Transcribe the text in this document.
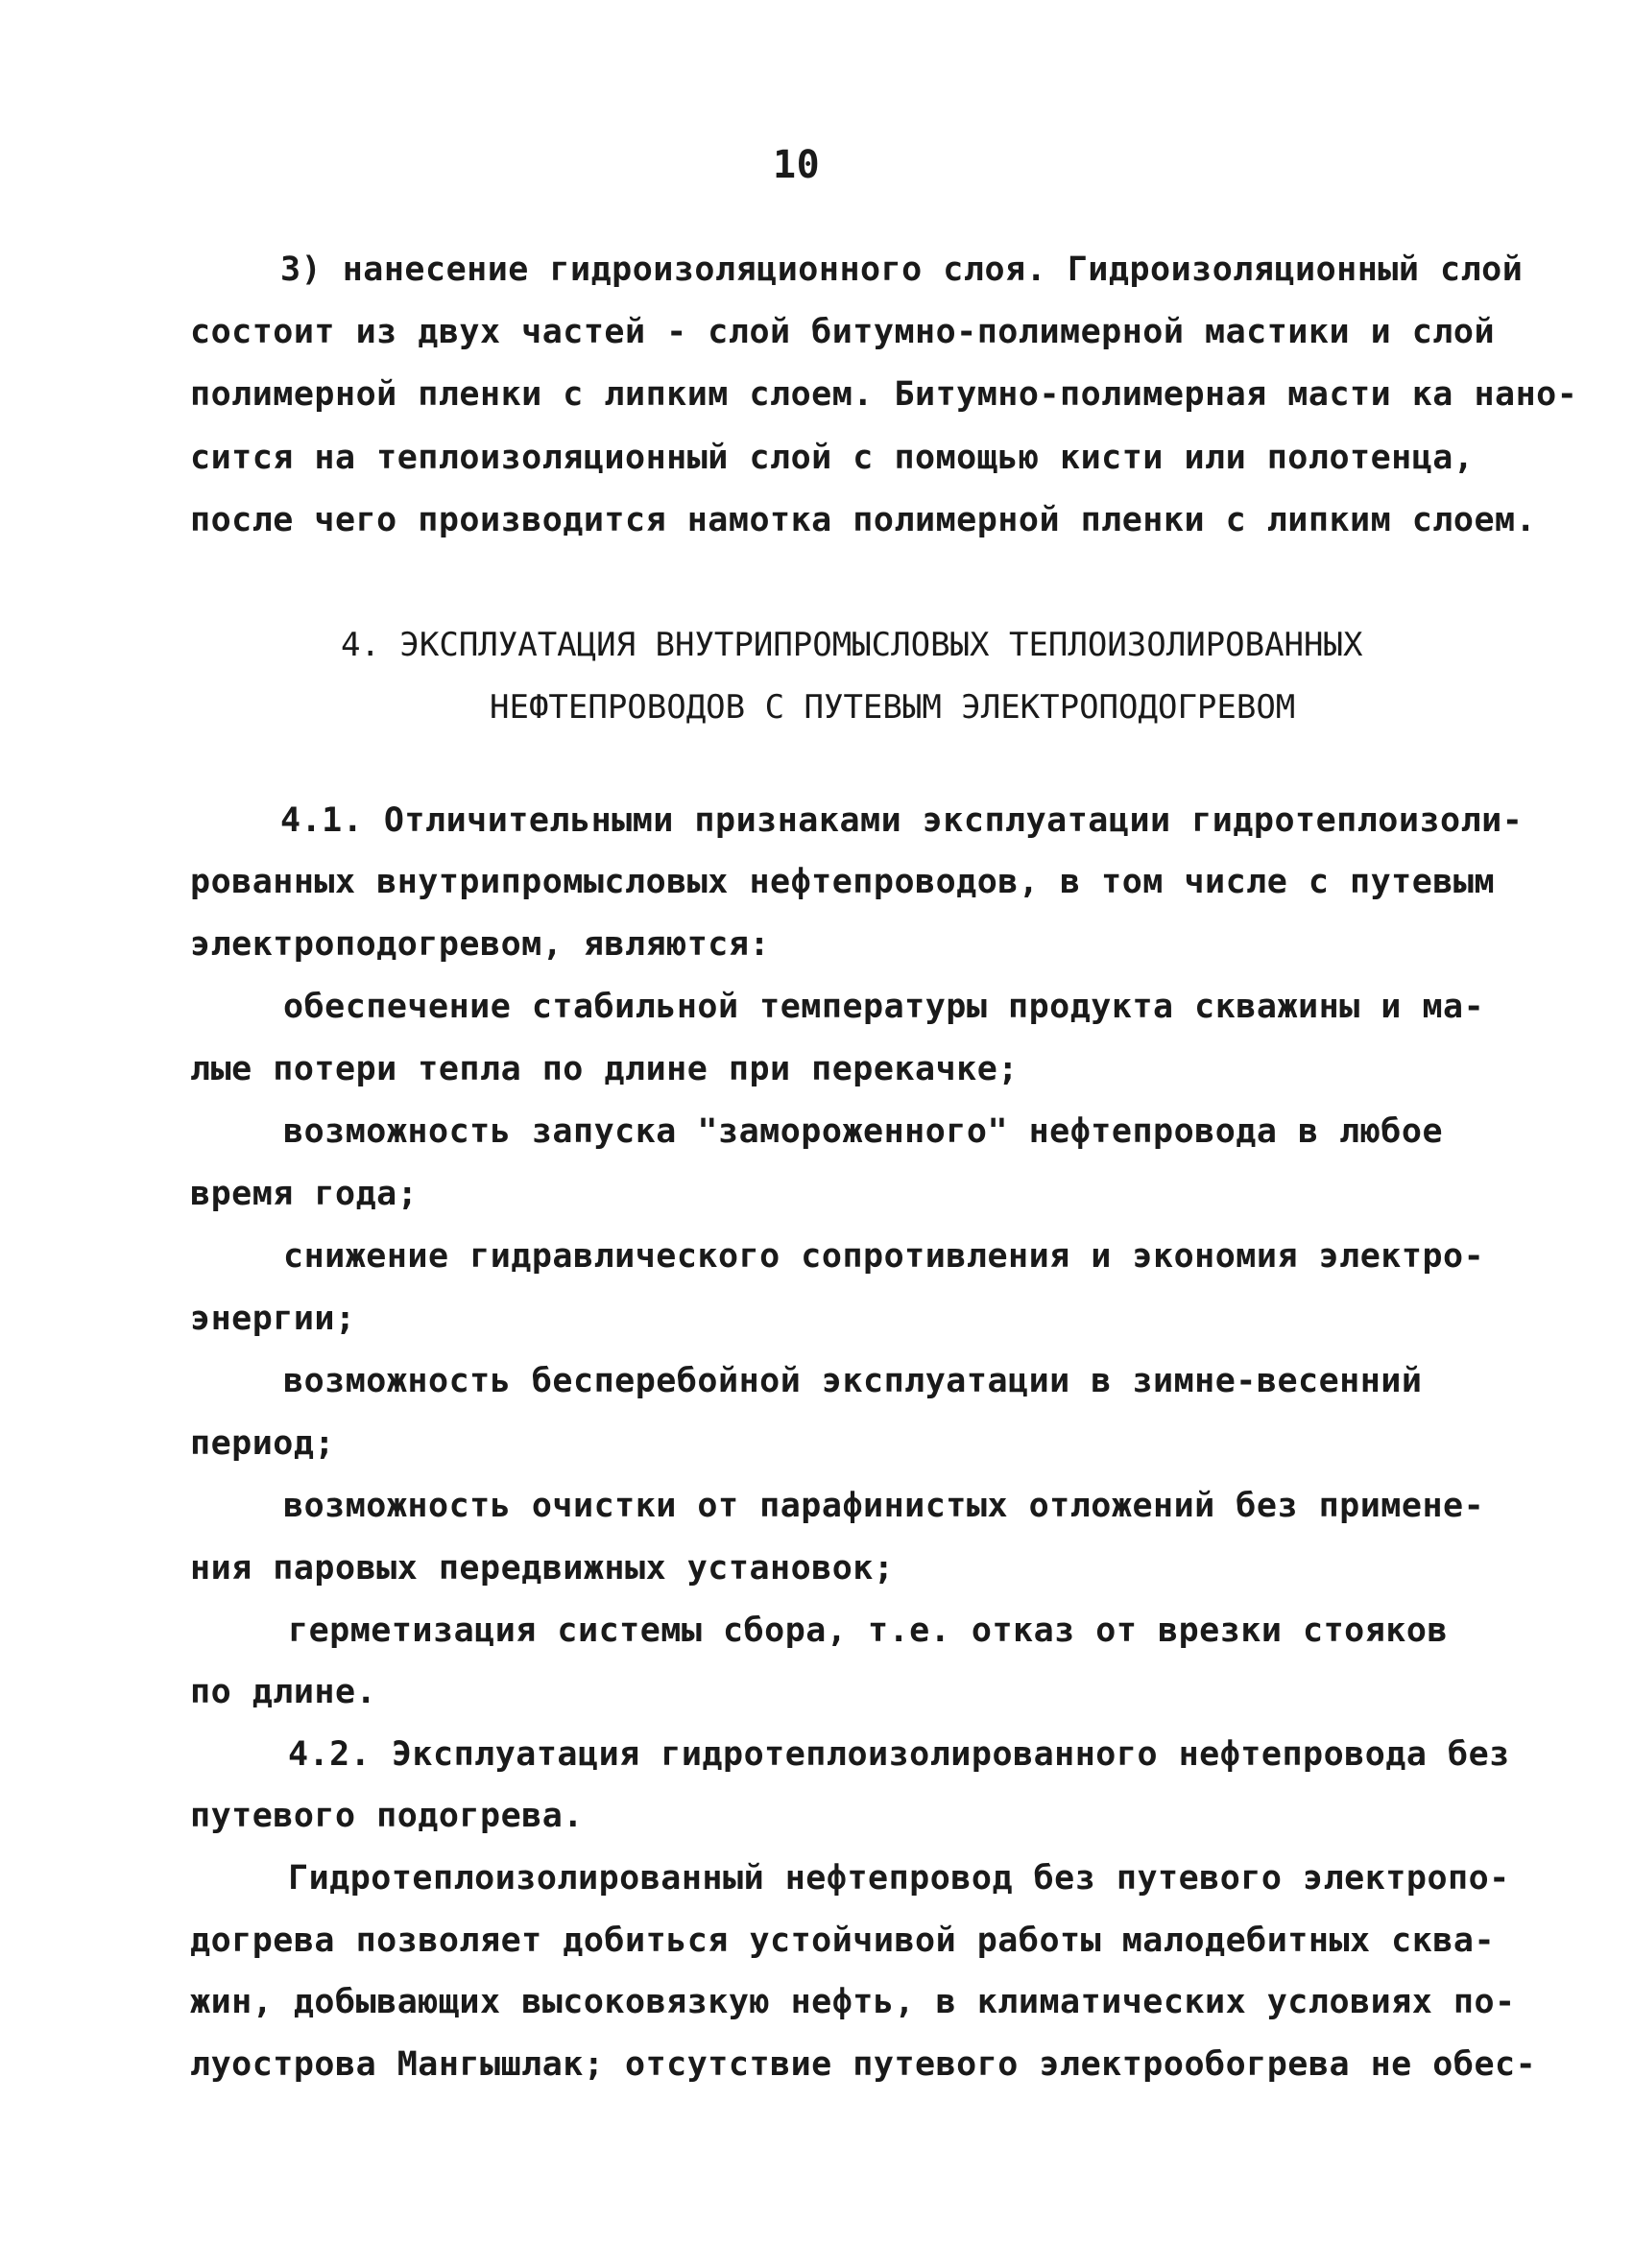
10
3) нанесение гидроизоляционного слоя. Гидроизоляционный слой
состоит из двух частей - слой битумно-полимерной мастики и слой
полимерной пленки с липким слоем. Битумно-полимерная масти ка нано-
сится на теплоизоляционный слой с помощью кисти или полотенца,
после чего производится намотка полимерной пленки с липким слоем.
4. ЭКСПЛУАТАЦИЯ ВНУТРИПРОМЫСЛОВЫХ ТЕПЛОИЗОЛИРОВАННЫХ
НЕФТЕПРОВОДОВ С ПУТЕВЫМ ЭЛЕКТРОПОДОГРЕВОМ
4.1. Отличительными признаками эксплуатации гидротеплоизоли-
рованных внутрипромысловых нефтепроводов, в том числе с путевым
электроподогревом, являются:
обеспечение стабильной температуры продукта скважины и ма-
лые потери тепла по длине при перекачке;
возможность запуска "замороженного" нефтепровода в любое
время года;
снижение гидравлического сопротивления и экономия электро-
энергии;
возможность бесперебойной эксплуатации в зимне-весенний
период;
возможность очистки от парафинистых отложений без примене-
ния паровых передвижных установок;
герметизация системы сбора, т.е. отказ от врезки стояков
по длине.
4.2. Эксплуатация гидротеплоизолированного нефтепровода без
путевого подогрева.
Гидротеплоизолированный нефтепровод без путевого электропо-
догрева позволяет добиться устойчивой работы малодебитных сква-
жин, добывающих высоковязкую нефть, в климатических условиях по-
луострова Мангышлак; отсутствие путевого электрообогрева не обес-
